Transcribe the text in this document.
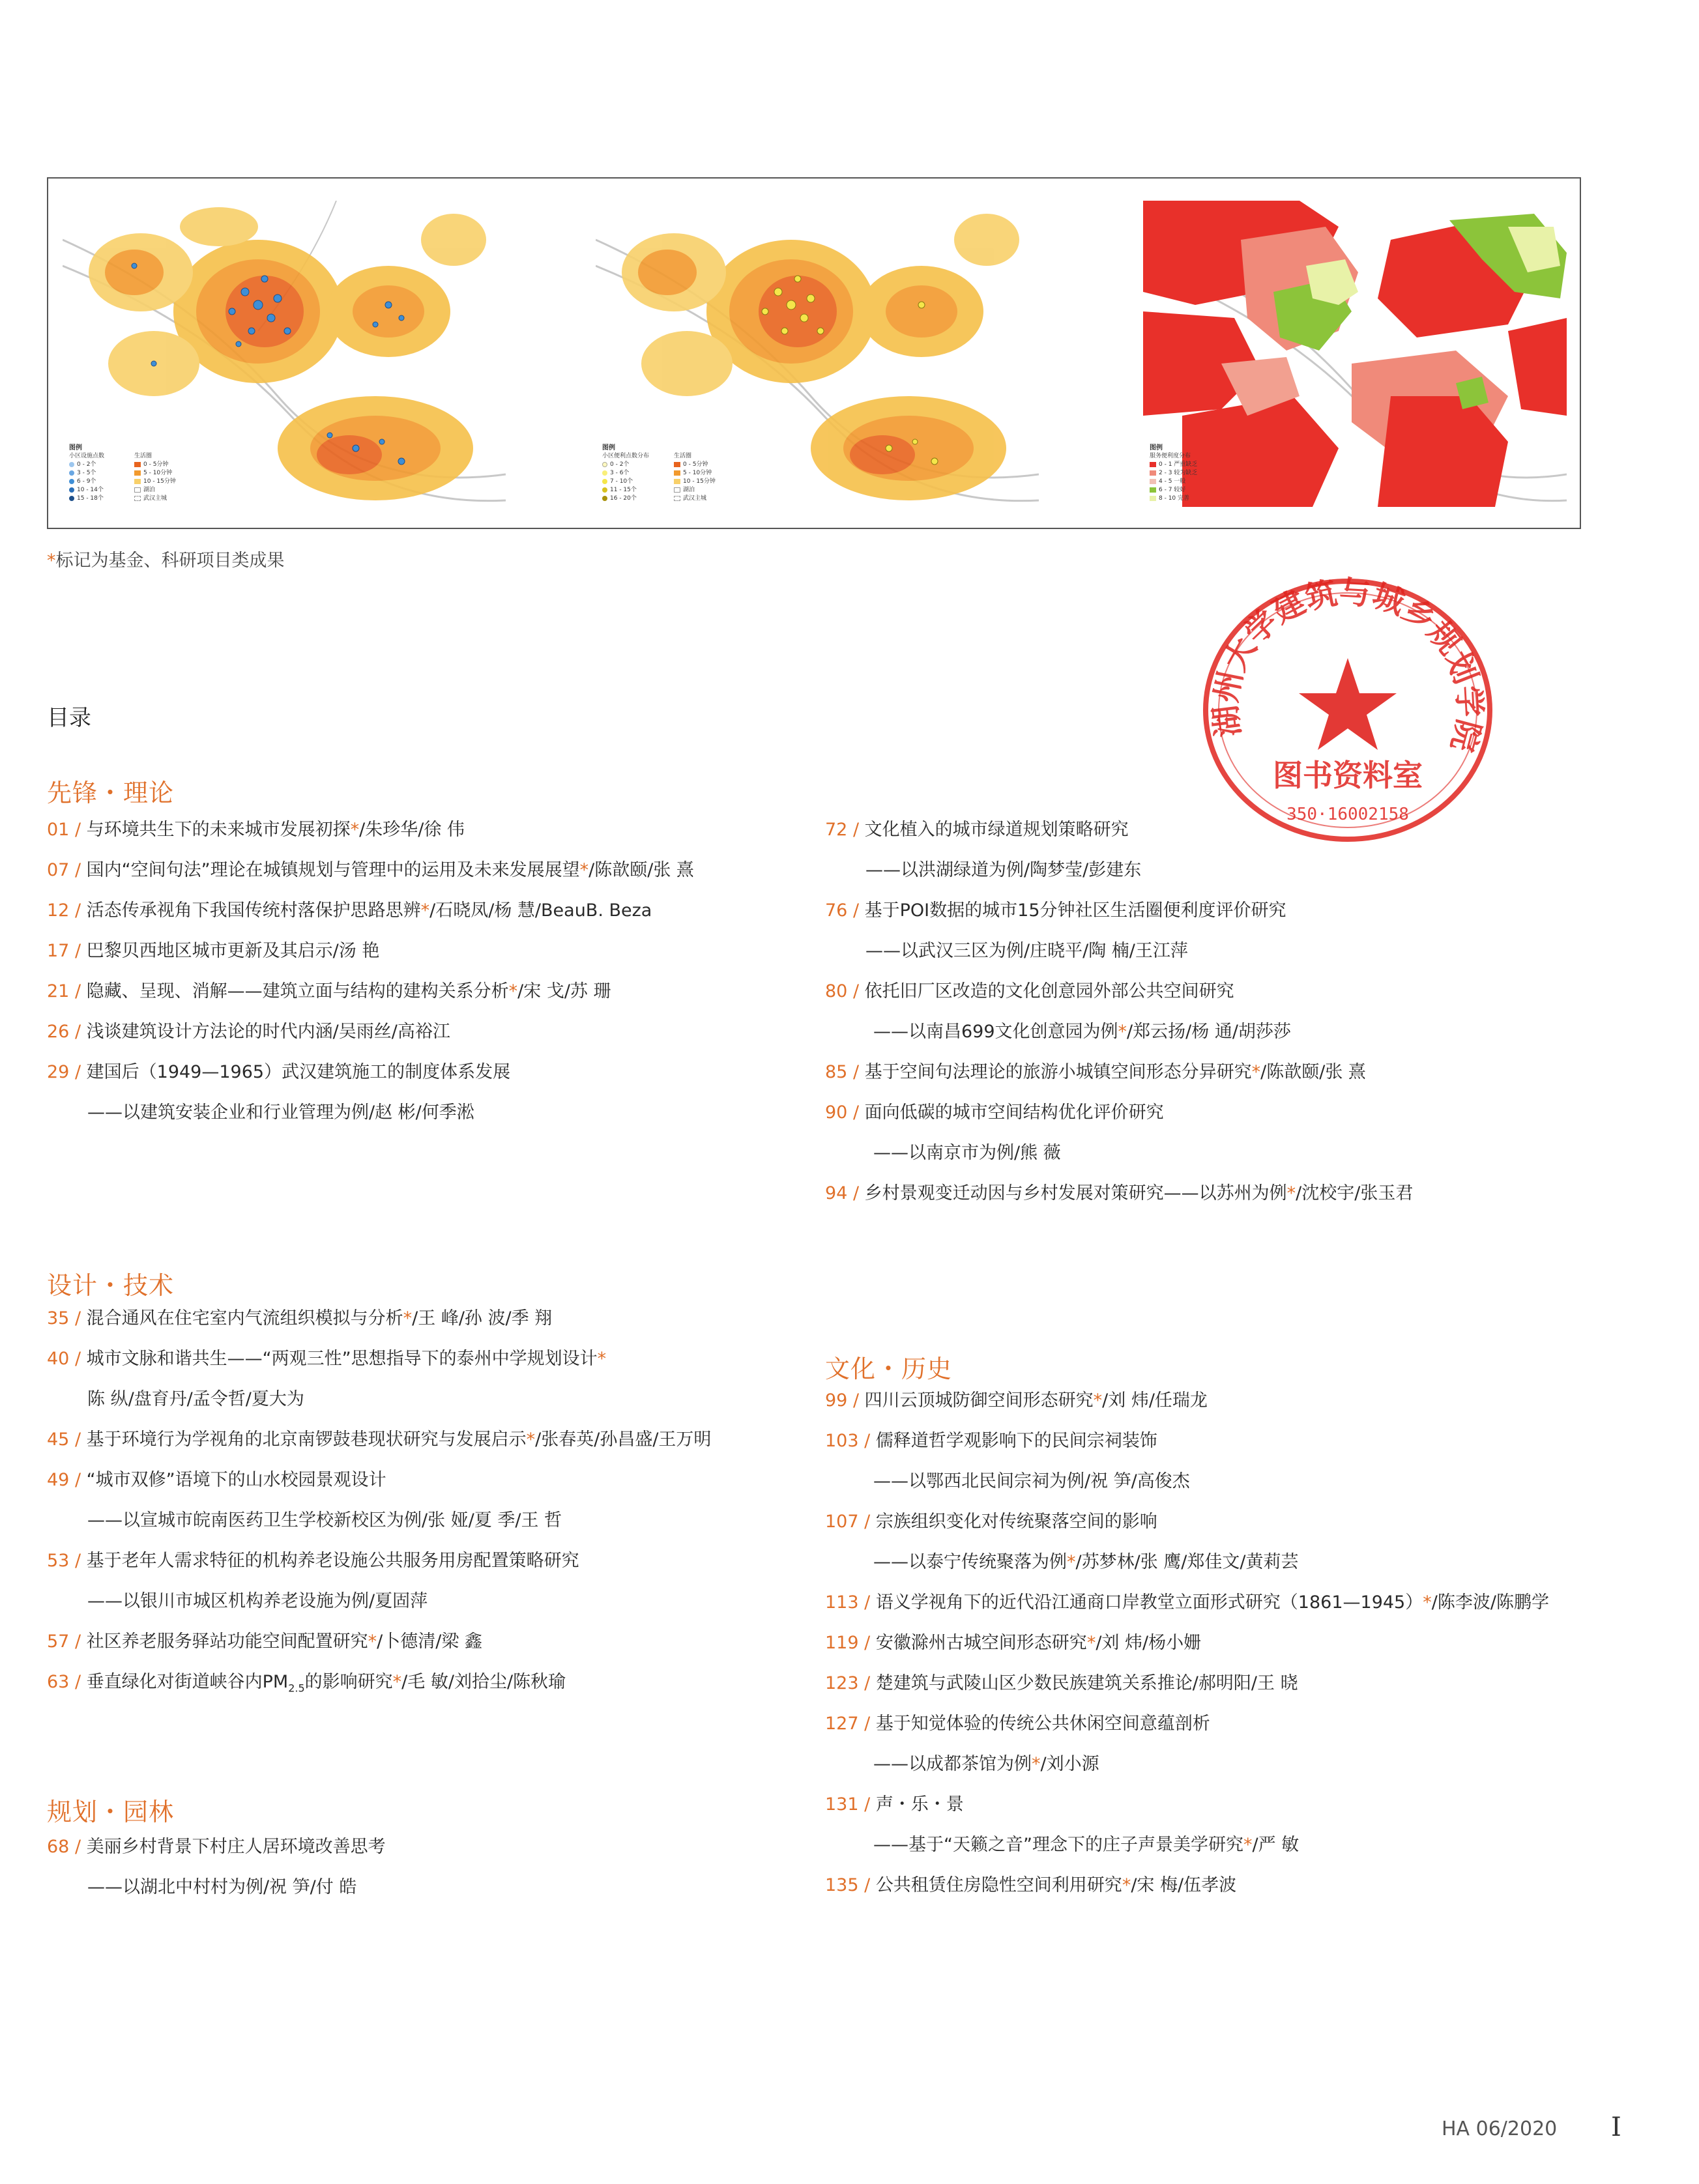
图例
小区设施点数
0 - 2个
3 - 5个
6 - 9个
10 - 14个
15 - 18个
生活圈
0 - 5分钟
5 - 10分钟
10 - 15分钟
湖泊
武汉主城
图例
小区便利点数分布
0 - 2个
3 - 6个
7 - 10个
11 - 15个
16 - 20个
生活圈
0 - 5分钟
5 - 10分钟
10 - 15分钟
湖泊
武汉主城
图例
服务便利度分布
0 - 1 严重缺乏
2 - 3 较为缺乏
4 - 5 一般
6 - 7 较好
8 - 10 完善
*标记为基金、科研项目类成果
湖州大学建筑与城乡规划学院
图书资料室
350·16002158
目录
先锋・理论
01 / 与环境共生下的未来城市发展初探*/朱珍华/徐 伟
07 / 国内“空间句法”理论在城镇规划与管理中的运用及未来发展展望*/陈歆颐/张 熹
12 / 活态传承视角下我国传统村落保护思路思辨*/石晓凤/杨 慧/BeauB. Beza
17 / 巴黎贝西地区城市更新及其启示/汤 艳
21 / 隐藏、呈现、消解——建筑立面与结构的建构关系分析*/宋 戈/苏 珊
26 / 浅谈建筑设计方法论的时代内涵/吴雨丝/高裕江
29 / 建国后（1949—1965）武汉建筑施工的制度体系发展
——以建筑安装企业和行业管理为例/赵 彬/何季淞
72 / 文化植入的城市绿道规划策略研究
——以洪湖绿道为例/陶梦莹/彭建东
76 / 基于POI数据的城市15分钟社区生活圈便利度评价研究
——以武汉三区为例/庄晓平/陶 楠/王江萍
80 / 依托旧厂区改造的文化创意园外部公共空间研究
——以南昌699文化创意园为例*/郑云扬/杨 通/胡莎莎
85 / 基于空间句法理论的旅游小城镇空间形态分异研究*/陈歆颐/张 熹
90 / 面向低碳的城市空间结构优化评价研究
——以南京市为例/熊 薇
94 / 乡村景观变迁动因与乡村发展对策研究——以苏州为例*/沈校宇/张玉君
设计・技术
35 / 混合通风在住宅室内气流组织模拟与分析*/王 峰/孙 波/季 翔
40 / 城市文脉和谐共生——“两观三性”思想指导下的泰州中学规划设计*
陈 纵/盘育丹/孟令哲/夏大为
45 / 基于环境行为学视角的北京南锣鼓巷现状研究与发展启示*/张春英/孙昌盛/王万明
49 / “城市双修”语境下的山水校园景观设计
——以宣城市皖南医药卫生学校新校区为例/张 娅/夏 季/王 哲
53 / 基于老年人需求特征的机构养老设施公共服务用房配置策略研究
——以银川市城区机构养老设施为例/夏固萍
57 / 社区养老服务驿站功能空间配置研究*/卜德清/梁 鑫
63 / 垂直绿化对街道峡谷内$PM_{2.5}$的影响研究*/毛 敏/刘拾尘/陈秋瑜
文化・历史
99 / 四川云顶城防御空间形态研究*/刘 炜/任瑞龙
103 / 儒释道哲学观影响下的民间宗祠装饰
——以鄂西北民间宗祠为例/祝 笋/高俊杰
107 / 宗族组织变化对传统聚落空间的影响
——以泰宁传统聚落为例*/苏梦林/张 鹰/郑佳文/黄莉芸
113 / 语义学视角下的近代沿江通商口岸教堂立面形式研究（1861—1945）*/陈李波/陈鹏学
119 / 安徽滁州古城空间形态研究*/刘 炜/杨小姗
123 / 楚建筑与武陵山区少数民族建筑关系推论/郝明阳/王 晓
127 / 基于知觉体验的传统公共休闲空间意蕴剖析
——以成都茶馆为例*/刘小源
131 / 声・乐・景
——基于“天籁之音”理念下的庄子声景美学研究*/严 敏
135 / 公共租赁住房隐性空间利用研究*/宋 梅/伍孝波
规划・园林
68 / 美丽乡村背景下村庄人居环境改善思考
——以湖北中村村为例/祝 笋/付 皓
HA 06/2020 I
